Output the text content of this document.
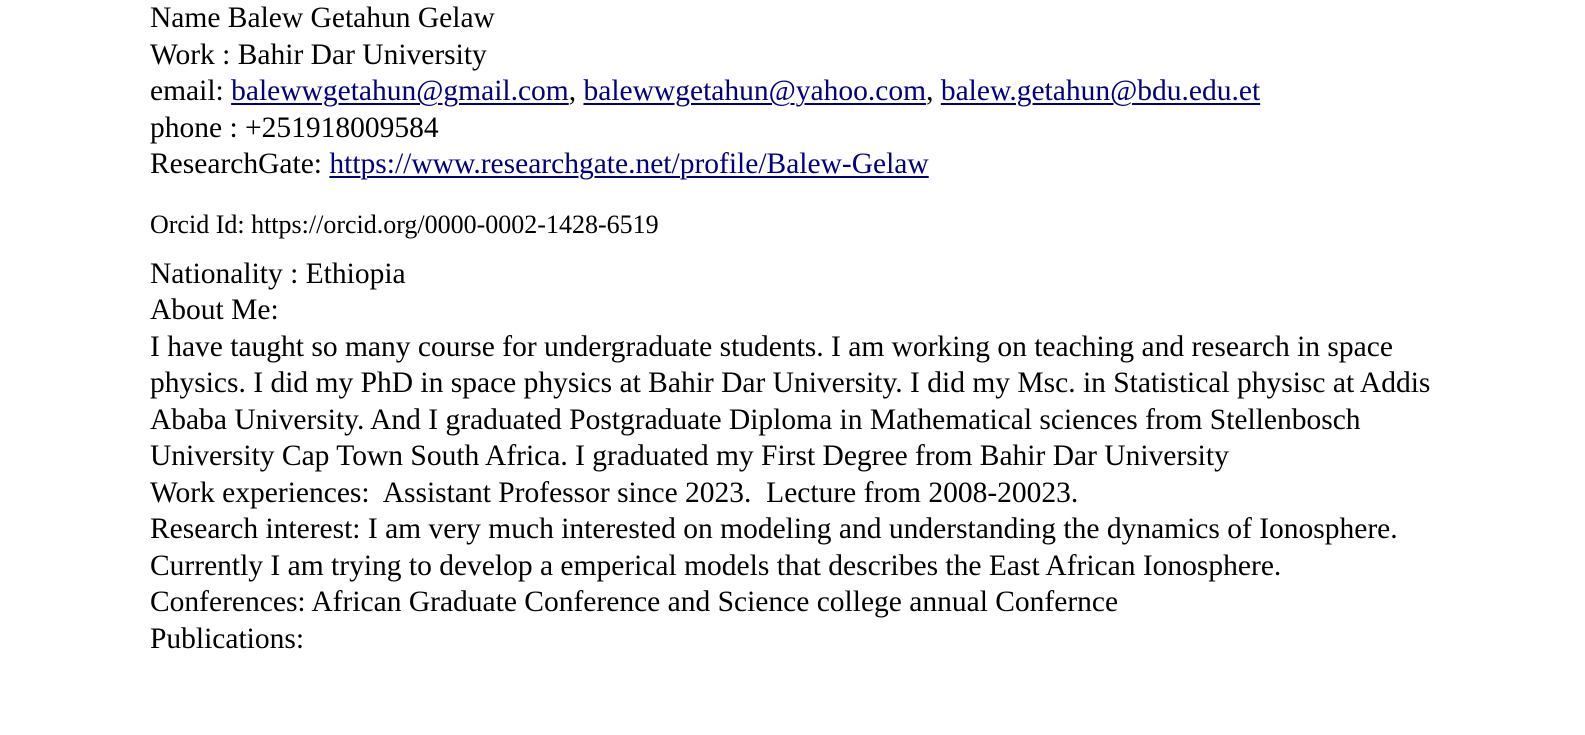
Name Balew Getahun Gelaw

Work : Bahir Dar University

email: balewwgetahun@gmail.com, balewwgetahun@yahoo.com, balew.getahun@bdu.edu.et

phone : +251918009584

ResearchGate: https://www.researchgate.net/profile/Balew-Gelaw

Orcid Id: https://orcid.org/0000-0002-1428-6519

Nationality : Ethiopia

About Me:

I have taught so many course for undergraduate students. I am working on teaching and research in space physics. I did my PhD in space physics at Bahir Dar University. I did my Msc. in Statistical physisc at Addis Ababa University. And I graduated Postgraduate Diploma in Mathematical sciences from Stellenbosch University Cap Town South Africa. I graduated my First Degree from Bahir Dar University

Work experiences:  Assistant Professor since 2023.  Lecture from 2008-20023.

Research interest: I am very much interested on modeling and understanding the dynamics of Ionosphere.

Currently I am trying to develop a emperical models that describes the East African Ionosphere.

Conferences: African Graduate Conference and Science college annual Confernce

Publications:
